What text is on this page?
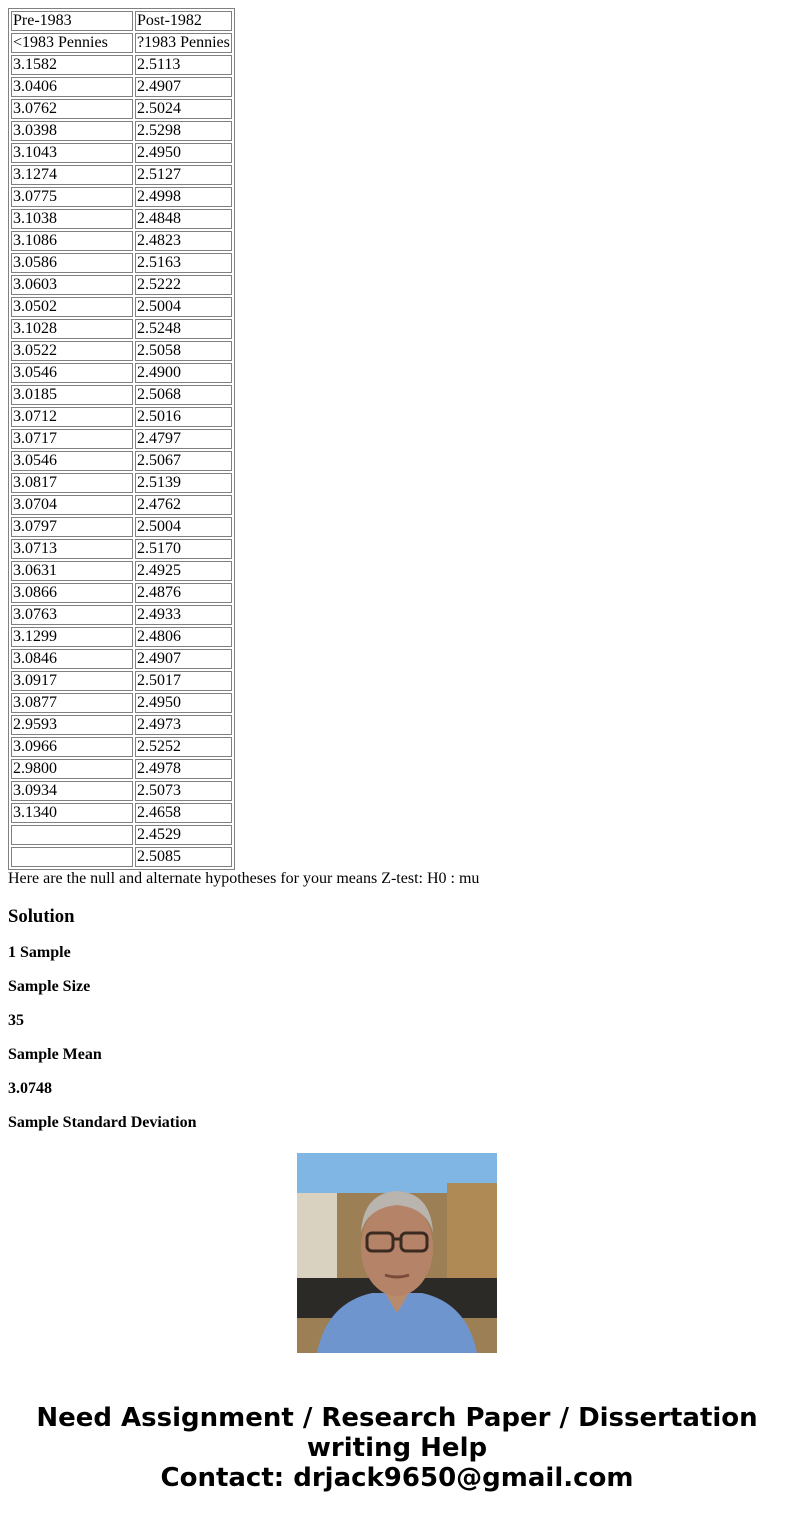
Pre-1983	Post-1982
<1983 Pennies	?1983 Pennies
3.1582	2.5113
3.0406	2.4907
3.0762	2.5024
3.0398	2.5298
3.1043	2.4950
3.1274	2.5127
3.0775	2.4998
3.1038	2.4848
3.1086	2.4823
3.0586	2.5163
3.0603	2.5222
3.0502	2.5004
3.1028	2.5248
3.0522	2.5058
3.0546	2.4900
3.0185	2.5068
3.0712	2.5016
3.0717	2.4797
3.0546	2.5067
3.0817	2.5139
3.0704	2.4762
3.0797	2.5004
3.0713	2.5170
3.0631	2.4925
3.0866	2.4876
3.0763	2.4933
3.1299	2.4806
3.0846	2.4907
3.0917	2.5017
3.0877	2.4950
2.9593	2.4973
3.0966	2.5252
2.9800	2.4978
3.0934	2.5073
3.1340	2.4658
	2.4529
	2.5085

Here are the null and alternate hypotheses for your means Z-test: H0 : mu

Solution
1 Sample
Sample Size
35
Sample Mean
3.0748
Sample Standard Deviation
Need Assignment / Research Paper / Dissertation
writing Help
Contact: drjack9650@gmail.com
